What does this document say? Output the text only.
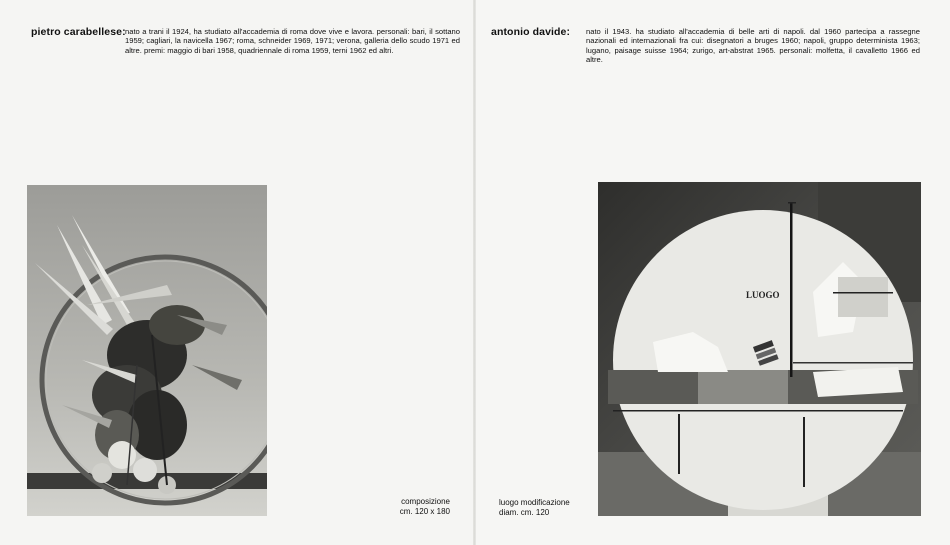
pietro carabellese: nato a trani il 1924, ha studiato all'accademia di roma dove vive e lavora. personali: bari, il sottano 1959; cagliari, la navicella 1967; roma, schneider 1969, 1971; verona, galleria dello scudo 1971 ed altre. premi: maggio di bari 1958, quadriennale di roma 1959, terni 1962 ed altri.
composizione
cm. 120 x 180
antonio davide: nato il 1943. ha studiato all'accademia di belle arti di napoli. dal 1960 partecipa a rassegne nazionali ed internazionali fra cui: disegnatori a bruges 1960; napoli, gruppo determinista 1963; lugano, paisage suisse 1964; zurigo, art-abstrat 1965. personali: molfetta, il cavalletto 1966 ed altre.
LUOGO
luogo modificazione
diam. cm. 120
